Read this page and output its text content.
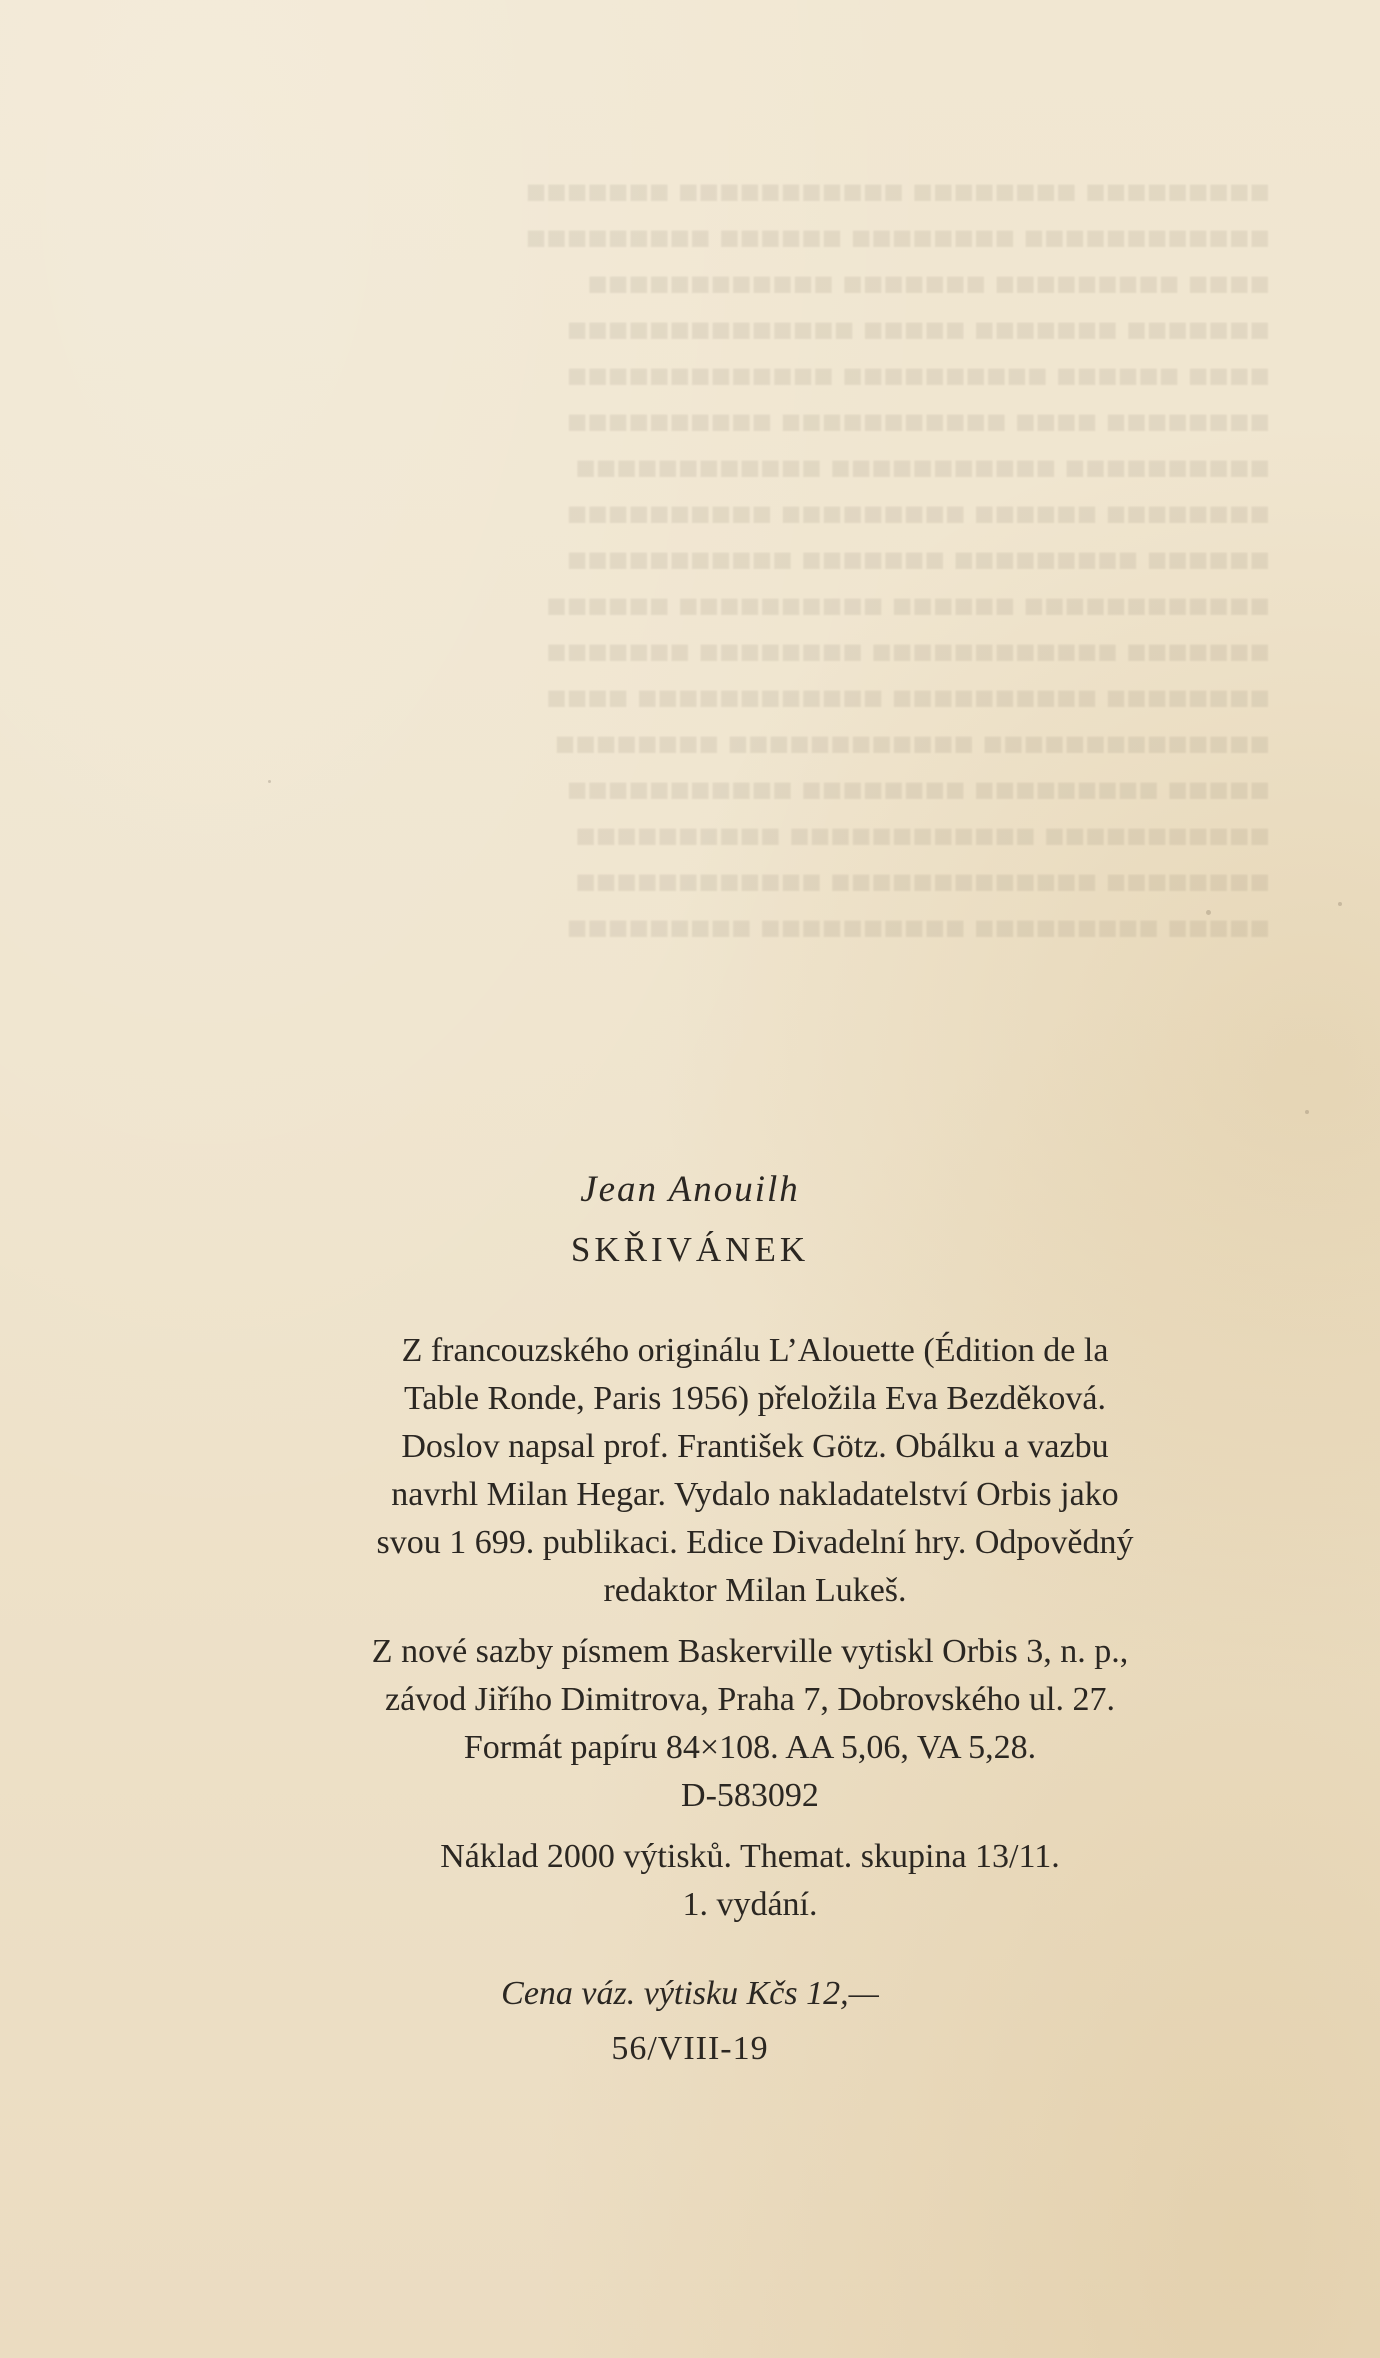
■■■■■■■■■ ■■■■■■■■ ■■■■■■■■■■■ ■■■■■■■
■■■■■■■■■■■■ ■■■■■■■■ ■■■■■■ ■■■■■■■■■
■■■■ ■■■■■■■■■ ■■■■■■■ ■■■■■■■■■■■■
■■■■■■■ ■■■■■■■ ■■■■■ ■■■■■■■■■■■■■■
■■■■ ■■■■■■ ■■■■■■■■■■ ■■■■■■■■■■■■■
■■■■■■■■ ■■■■ ■■■■■■■■■■■ ■■■■■■■■■■
■■■■■■■■■■ ■■■■■■■■■■■ ■■■■■■■■■■■■
■■■■■■■■ ■■■■■■ ■■■■■■■■■ ■■■■■■■■■■
■■■■■■ ■■■■■■■■■ ■■■■■■■ ■■■■■■■■■■■
■■■■■■■■■■■■ ■■■■■■ ■■■■■■■■■■ ■■■■■■
■■■■■■■ ■■■■■■■■■■■■ ■■■■■■■■ ■■■■■■■
■■■■■■■■ ■■■■■■■■■■ ■■■■■■■■■■■■ ■■■■
■■■■■■■■■■■■■■ ■■■■■■■■■■■■ ■■■■■■■■
■■■■■ ■■■■■■■■■ ■■■■■■■■ ■■■■■■■■■■■
■■■■■■■■■■■ ■■■■■■■■■■■■ ■■■■■■■■■■
■■■■■■■■ ■■■■■■■■■■■■■ ■■■■■■■■■■■■
■■■■■ ■■■■■■■■■ ■■■■■■■■■■ ■■■■■■■■■
Jean Anouilh
SKŘIVÁNEK
Z francouzského originálu L’Alouette (Édition de la
Table Ronde, Paris 1956) přeložila Eva Bezděková.
Doslov napsal prof. František Götz. Obálku a vazbu
navrhl Milan Hegar. Vydalo nakladatelství Orbis jako
svou 1 699. publikaci. Edice Divadelní hry. Odpovědný
redaktor Milan Lukeš.
Z nové sazby písmem Baskerville vytiskl Orbis 3, n. p.,
závod Jiřího Dimitrova, Praha 7, Dobrovského ul. 27.
Formát papíru 84×108. AA 5,06, VA 5,28.
D-583092
Náklad 2000 výtisků. Themat. skupina 13/11.
1. vydání.
Cena váz. výtisku Kčs 12,—
56/VIII-19
